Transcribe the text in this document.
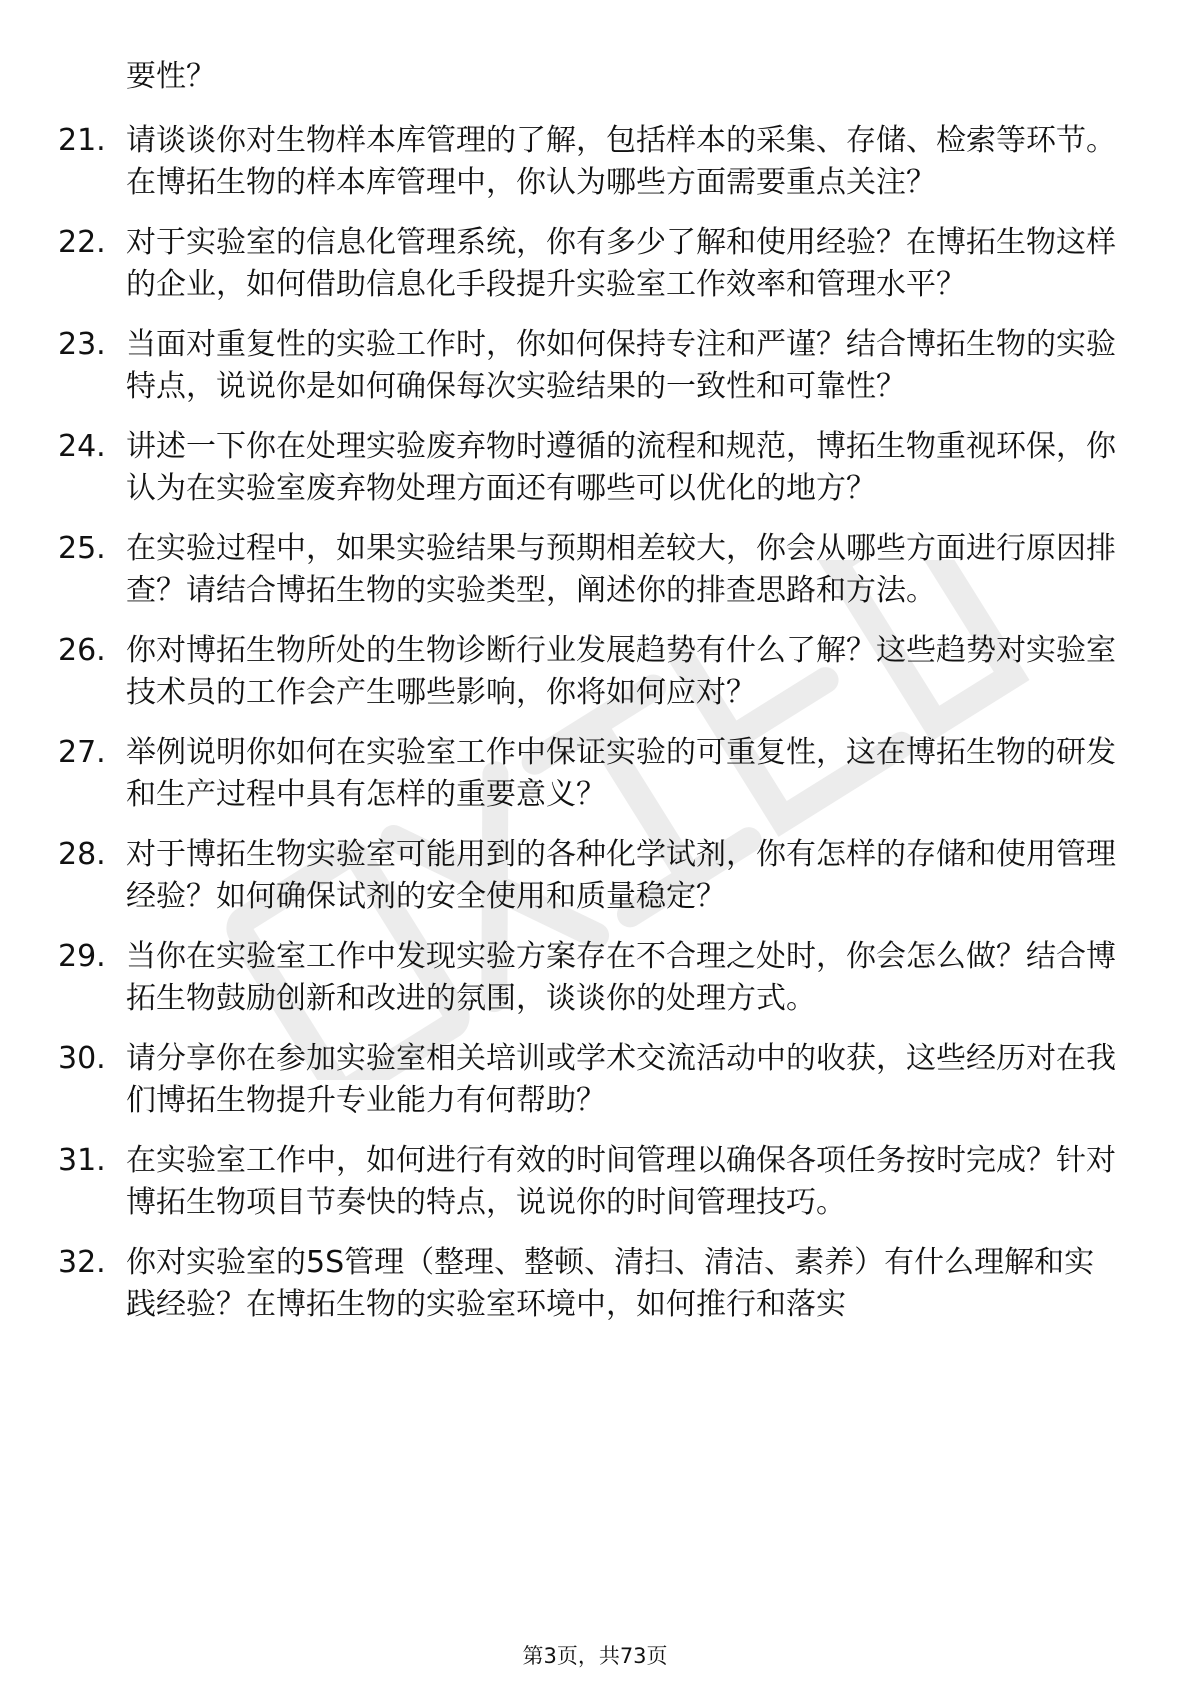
要性？

21. 请谈谈你对生物样本库管理的了解，包括样本的采集、存储、检索等环节。在博拓生物的样本库管理中，你认为哪些方面需要重点关注？
22. 对于实验室的信息化管理系统，你有多少了解和使用经验？在博拓生物这样的企业，如何借助信息化手段提升实验室工作效率和管理水平？
23. 当面对重复性的实验工作时，你如何保持专注和严谨？结合博拓生物的实验特点，说说你是如何确保每次实验结果的一致性和可靠性？
24. 讲述一下你在处理实验废弃物时遵循的流程和规范，博拓生物重视环保，你认为在实验室废弃物处理方面还有哪些可以优化的地方？
25. 在实验过程中，如果实验结果与预期相差较大，你会从哪些方面进行原因排查？请结合博拓生物的实验类型，阐述你的排查思路和方法。
26. 你对博拓生物所处的生物诊断行业发展趋势有什么了解？这些趋势对实验室技术员的工作会产生哪些影响，你将如何应对？
27. 举例说明你如何在实验室工作中保证实验的可重复性，这在博拓生物的研发和生产过程中具有怎样的重要意义？
28. 对于博拓生物实验室可能用到的各种化学试剂，你有怎样的存储和使用管理经验？如何确保试剂的安全使用和质量稳定？
29. 当你在实验室工作中发现实验方案存在不合理之处时，你会怎么做？结合博拓生物鼓励创新和改进的氛围，谈谈你的处理方式。
30. 请分享你在参加实验室相关培训或学术交流活动中的收获，这些经历对在我们博拓生物提升专业能力有何帮助？
31. 在实验室工作中，如何进行有效的时间管理以确保各项任务按时完成？针对博拓生物项目节奏快的特点，说说你的时间管理技巧。
32. 你对实验室的5S管理（整理、整顿、清扫、清洁、素养）有什么理解和实践经验？在博拓生物的实验室环境中，如何推行和落实
第3页，共73页
